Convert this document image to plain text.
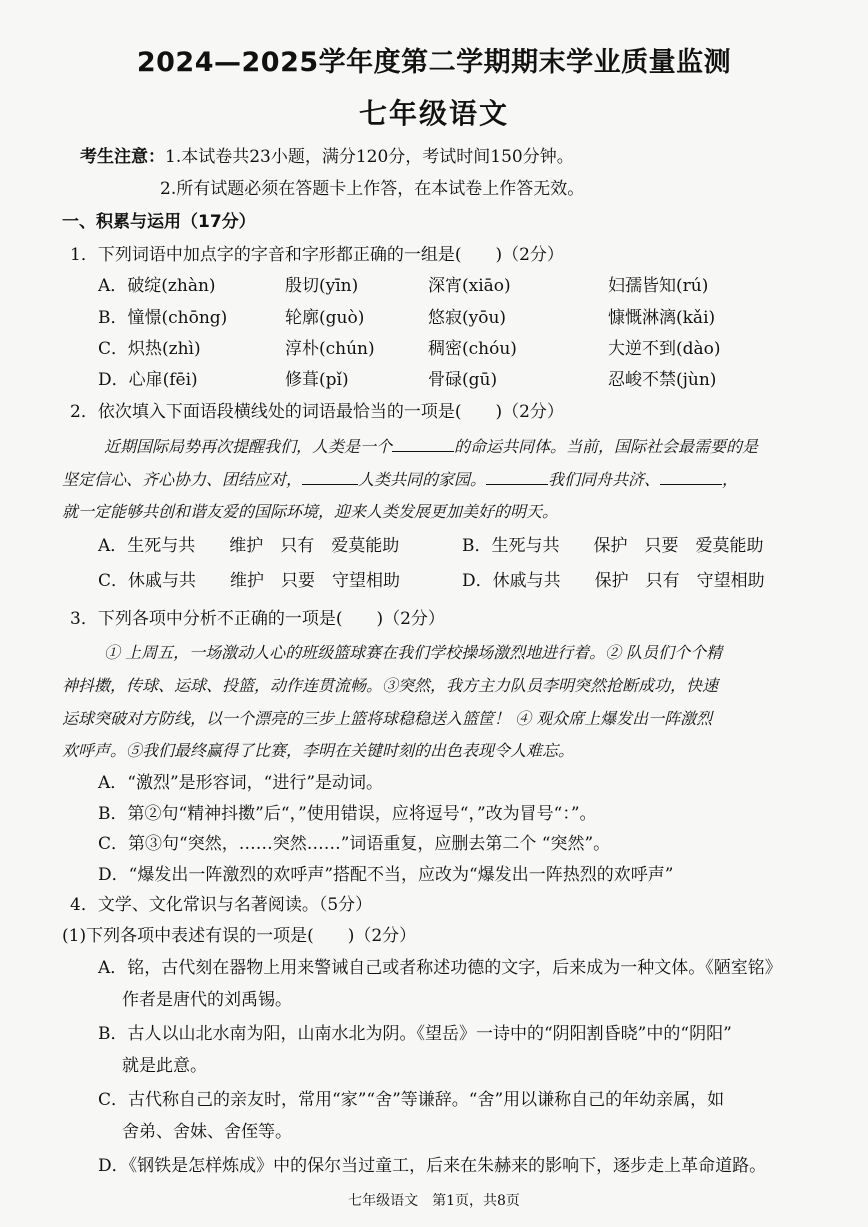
2024—2025学年度第二学期期末学业质量监测
七年级语文
考生注意：1.本试卷共23小题，满分120分，考试时间150分钟。
2.所有试题必须在答题卡上作答，在本试卷上作答无效。
一、积累与运用（17分）
1．下列词语中加点字的字音和字形都正确的一组是(　　)（2分）
A．破绽(zhàn)	殷切(yīn)	深宵(xiāo)	妇孺皆知(rú)
B．憧憬(chōng)	轮廓(guò)	悠寂(yōu)	慷慨淋漓(kǎi)
C．炽热(zhì)	淳朴(chún)	稠密(chóu)	大逆不到(dào)
D．心扉(fēi)	修葺(pǐ)	骨碌(gū)	忍峻不禁(jùn)
2．依次填入下面语段横线处的词语最恰当的一项是(　　)（2分）
近期国际局势再次提醒我们，人类是一个	的命运共同体。当前，国际社会最需要的是
坚定信心、齐心协力、团结应对，	人类共同的家园。	我们同舟共济、	，
就一定能够共创和谐友爱的国际环境，迎来人类发展更加美好的明天。
A．生死与共　　维护　只有　爱莫能助	B．生死与共　　保护　只要　爱莫能助
C．休戚与共　　维护　只要　守望相助	D．休戚与共　　保护　只有　守望相助
3．下列各项中分析不正确的一项是(　　)（2分）
① 上周五，一场激动人心的班级篮球赛在我们学校操场激烈地进行着。② 队员们个个精
神抖擞，传球、运球、投篮，动作连贯流畅。③突然，我方主力队员李明突然抢断成功，快速
运球突破对方防线，以一个漂亮的三步上篮将球稳稳送入篮筐！ ④ 观众席上爆发出一阵激烈
欢呼声。⑤我们最终赢得了比赛，李明在关键时刻的出色表现令人难忘。
A．“激烈”是形容词，“进行”是动词。
B．第②句“精神抖擞”后“，”使用错误，应将逗号“，”改为冒号“：”。
C．第③句“突然，……突然……”词语重复，应删去第二个 “突然”。
D．“爆发出一阵激烈的欢呼声”搭配不当，应改为“爆发出一阵热烈的欢呼声”
4．文学、文化常识与名著阅读。（5分）
(1)下列各项中表述有误的一项是(　　)（2分）
A．铭，古代刻在器物上用来警诫自己或者称述功德的文字，后来成为一种文体。《陋室铭》
作者是唐代的刘禹锡。
B．古人以山北水南为阳，山南水北为阴。《望岳》一诗中的“阴阳割昏晓”中的“阴阳”
就是此意。
C．古代称自己的亲友时，常用“家”“舍”等谦辞。“舍”用以谦称自己的年幼亲属，如
舍弟、舍妹、舍侄等。
D．《钢铁是怎样炼成》中的保尔当过童工，后来在朱赫来的影响下，逐步走上革命道路。
七年级语文　第1页，共8页
